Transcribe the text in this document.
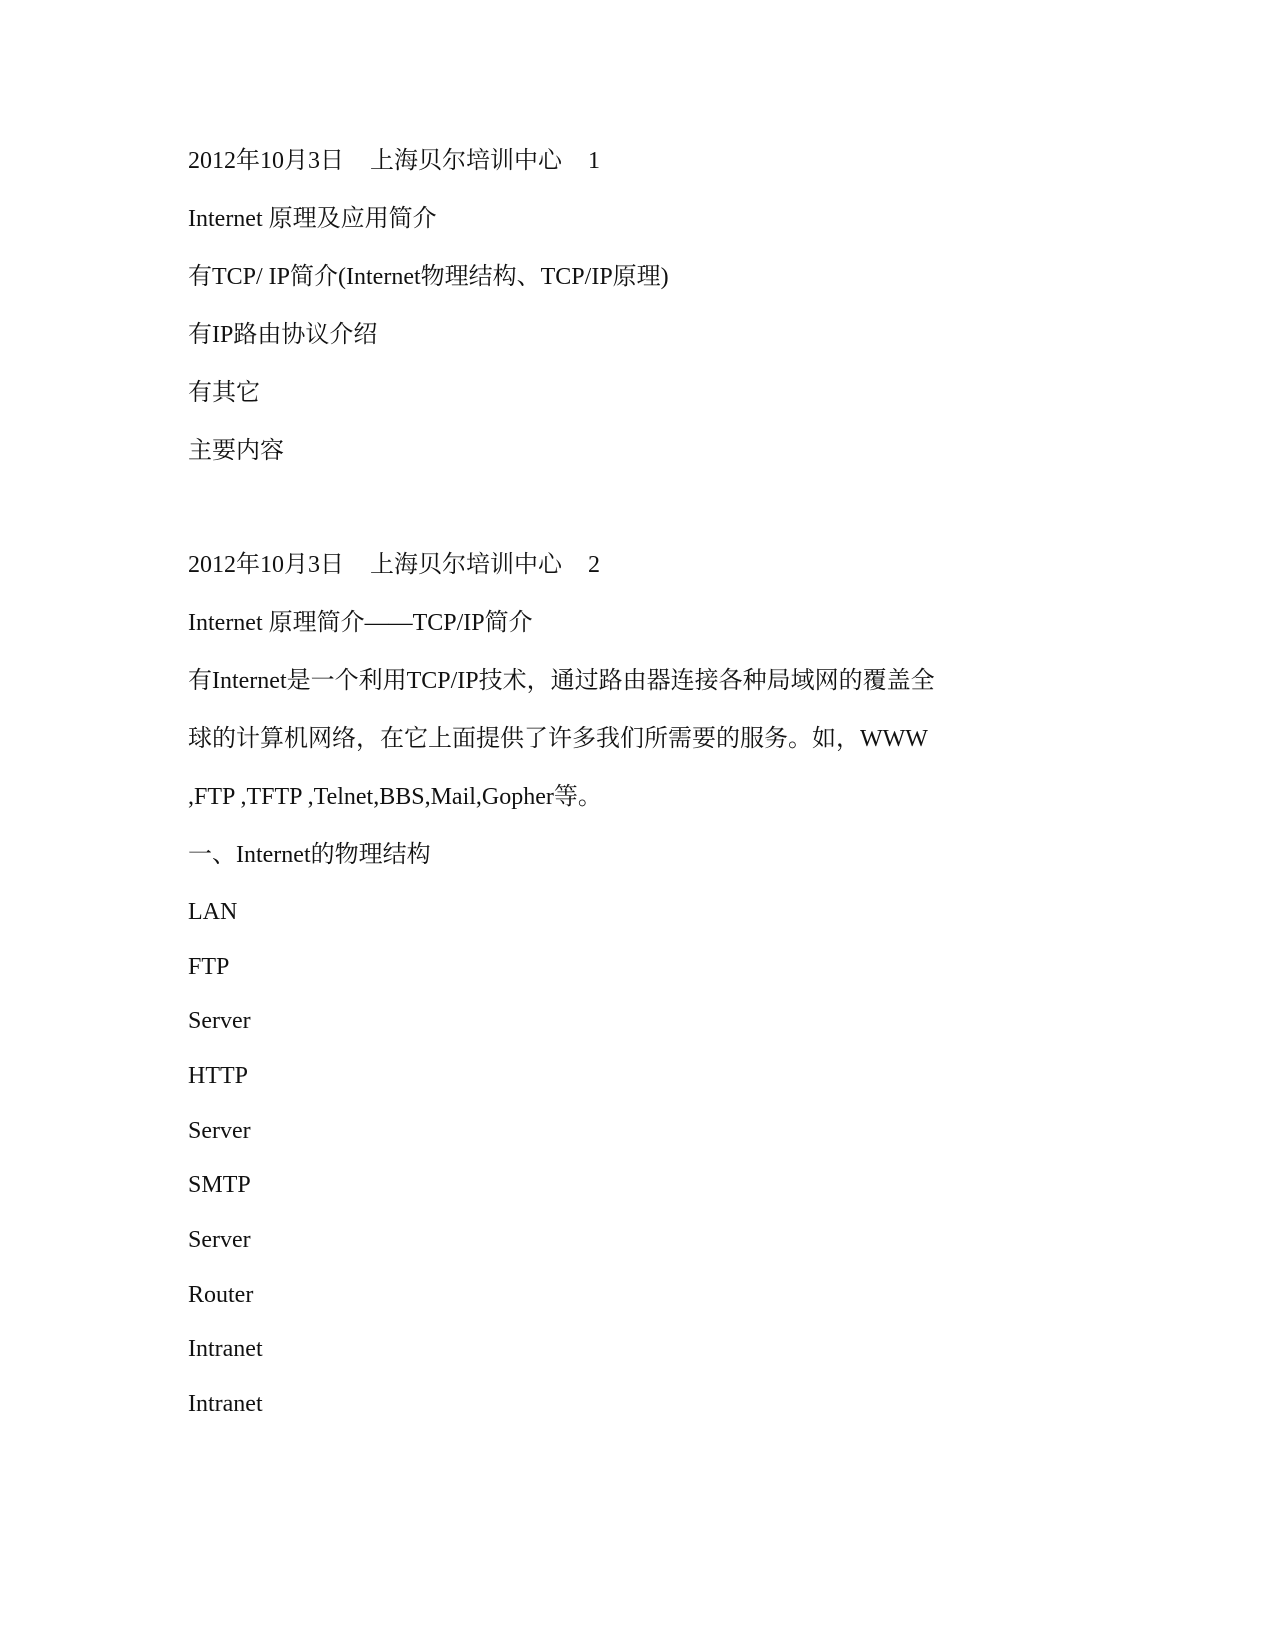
2012年10月3日 上海贝尔培训中心 1
Internet 原理及应用简介
有TCP/ IP简介(Internet物理结构、TCP/IP原理)
有IP路由协议介绍
有其它
主要内容
2012年10月3日 上海贝尔培训中心 2
Internet 原理简介——TCP/IP简介
有Internet是一个利用TCP/IP技术，通过路由器连接各种局域网的覆盖全
球的计算机网络，在它上面提供了许多我们所需要的服务。如，WWW
,FTP ,TFTP ,Telnet,BBS,Mail,Gopher等。
一、Internet的物理结构
LAN
FTP
Server
HTTP
Server
SMTP
Server
Router
Intranet
Intranet
